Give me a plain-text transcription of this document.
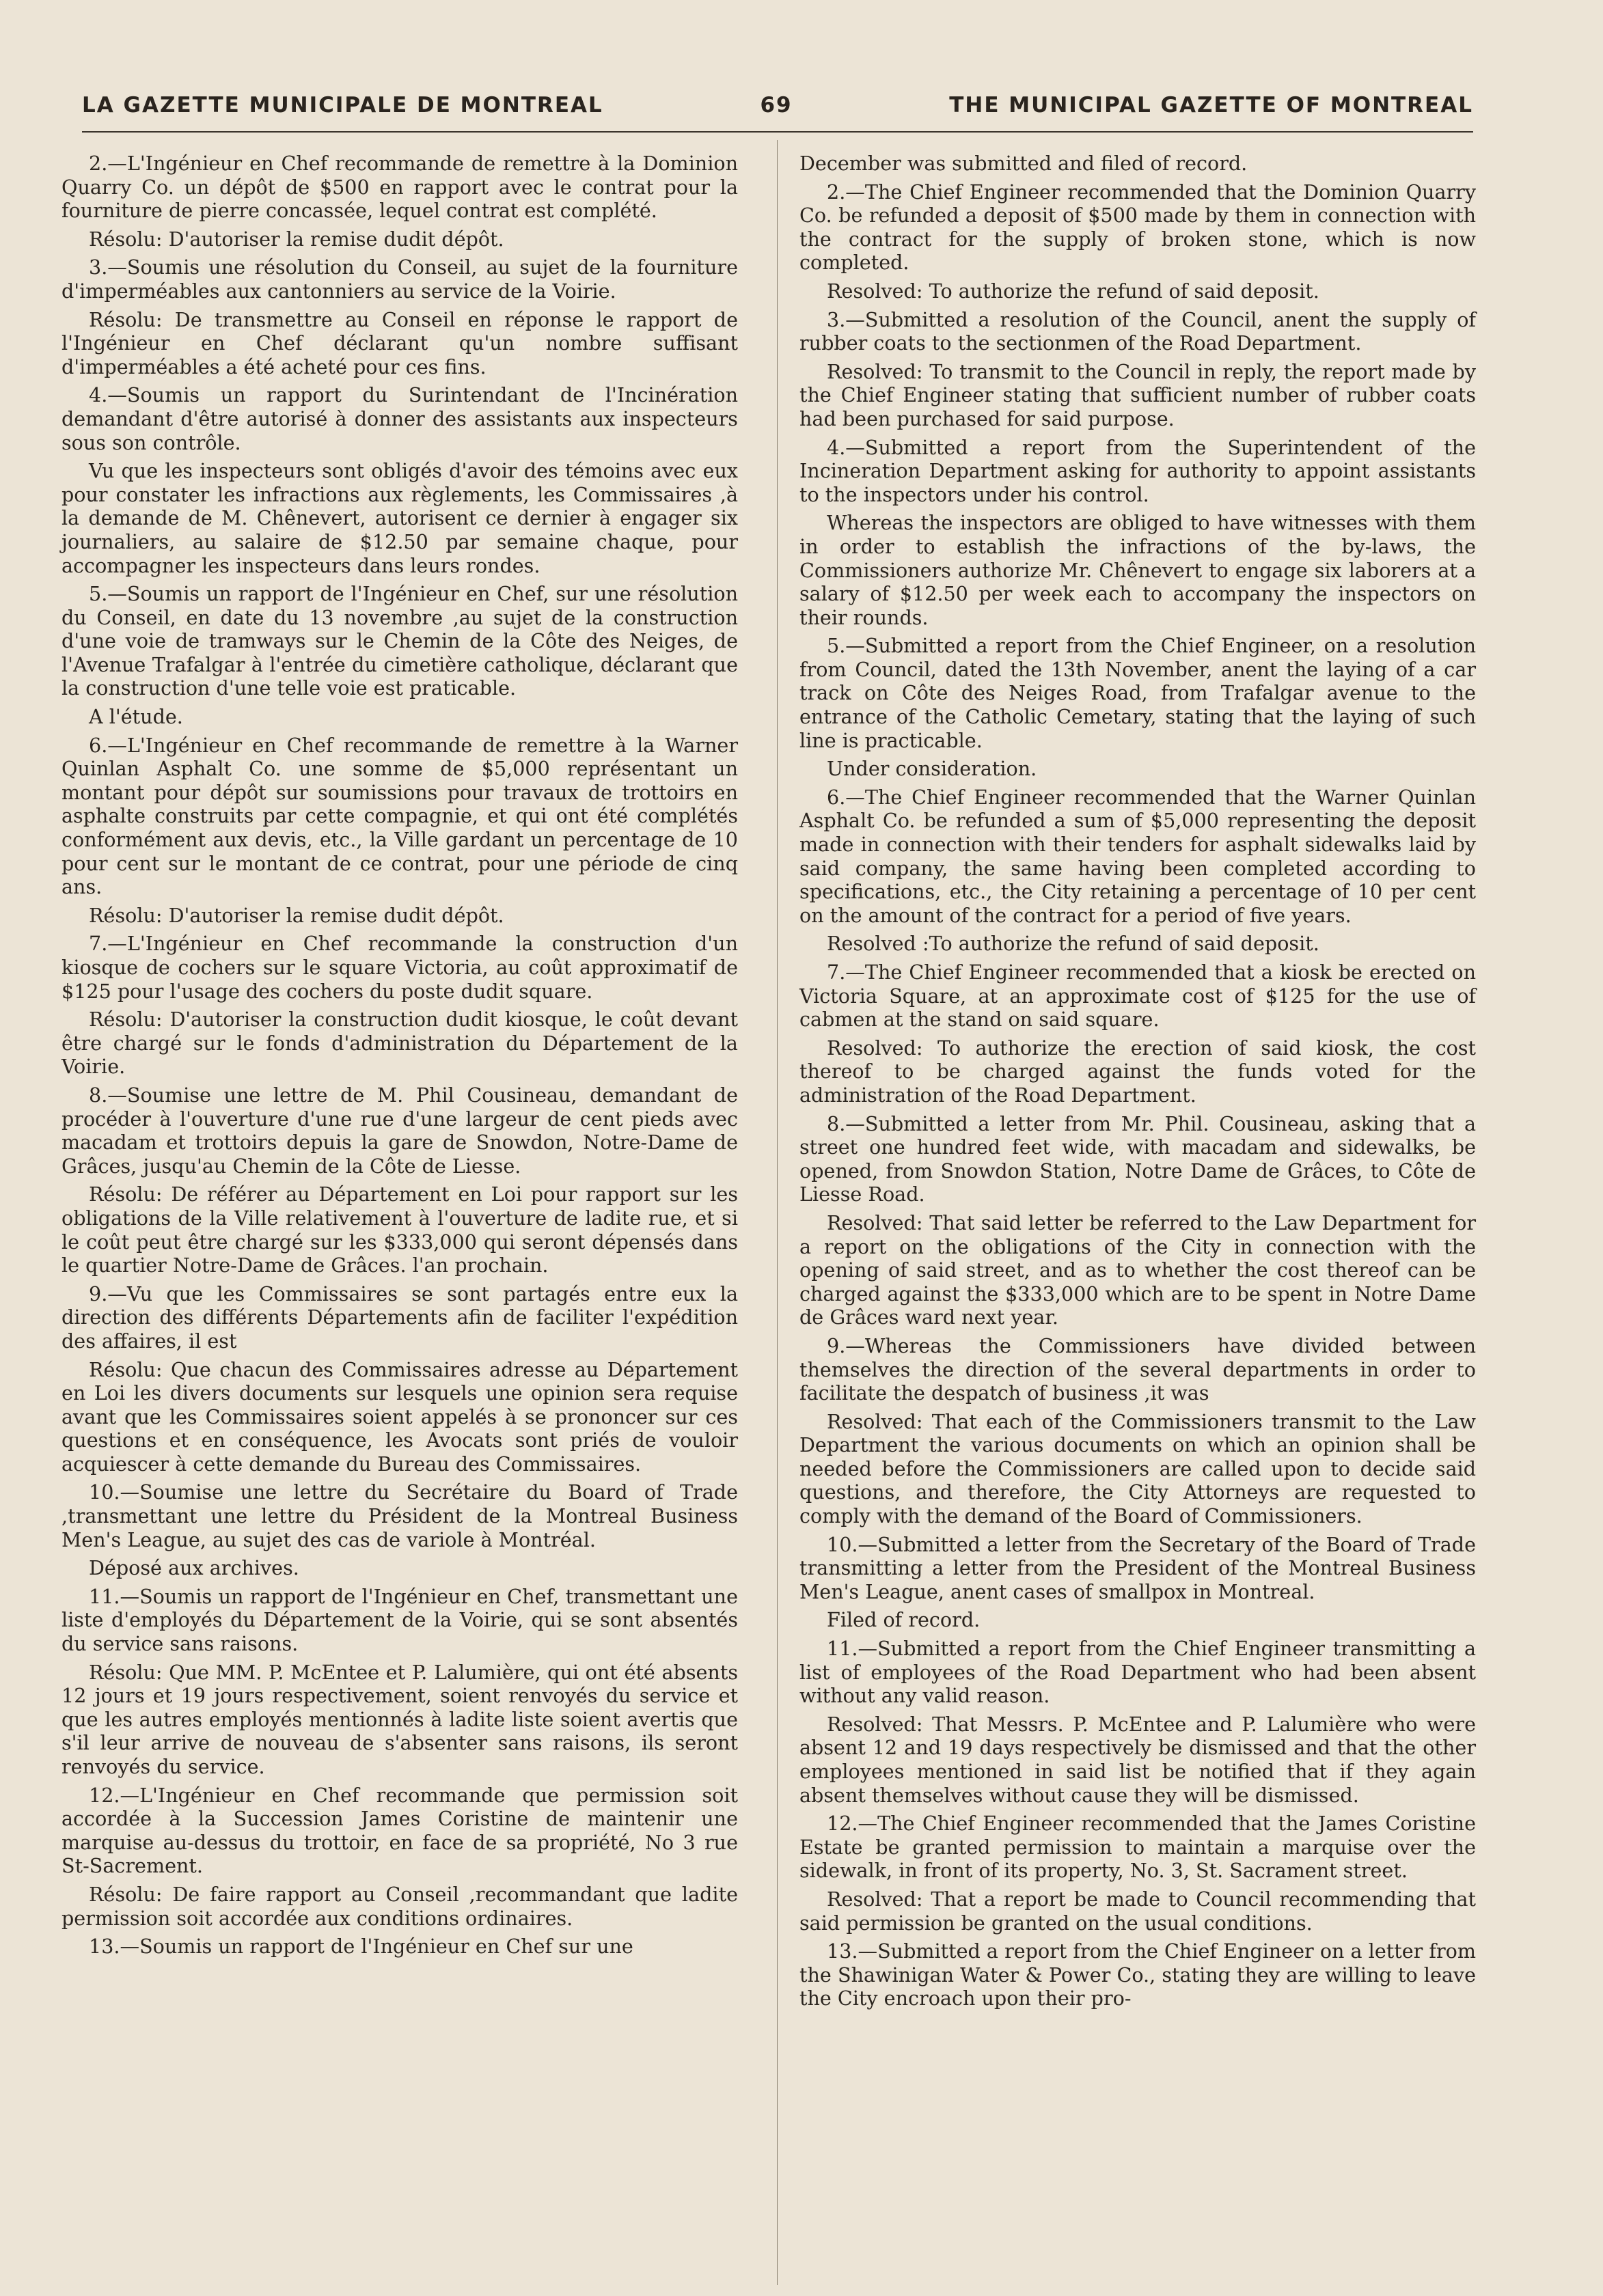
LA GAZETTE MUNICIPALE DE MONTREAL	69	THE MUNICIPAL GAZETTE OF MONTREAL

2.—L'Ingénieur en Chef recommande de remettre à la Dominion Quarry Co. un dépôt de $500 en rapport avec le contrat pour la fourniture de pierre concassée, lequel contrat est complété.

Résolu: D'autoriser la remise dudit dépôt.

3.—Soumis une résolution du Conseil, au sujet de la fourniture d'imperméables aux cantonniers au service de la Voirie.

Résolu: De transmettre au Conseil en réponse le rapport de l'Ingénieur en Chef déclarant qu'un nombre suffisant d'imperméables a été acheté pour ces fins.

4.—Soumis un rapport du Surintendant de l'Incinération demandant d'être autorisé à donner des assistants aux inspecteurs sous son contrôle.

Vu que les inspecteurs sont obligés d'avoir des témoins avec eux pour constater les infractions aux règlements, les Commissaires ,à la demande de M. Chênevert, autorisent ce dernier à engager six journaliers, au salaire de $12.50 par semaine chaque, pour accompagner les inspecteurs dans leurs rondes.

5.—Soumis un rapport de l'Ingénieur en Chef, sur une résolution du Conseil, en date du 13 novembre ,au sujet de la construction d'une voie de tramways sur le Chemin de la Côte des Neiges, de l'Avenue Trafalgar à l'entrée du cimetière catholique, déclarant que la construction d'une telle voie est praticable.

A l'étude.

6.—L'Ingénieur en Chef recommande de remettre à la Warner Quinlan Asphalt Co. une somme de $5,000 représentant un montant pour dépôt sur soumissions pour travaux de trottoirs en asphalte construits par cette compagnie, et qui ont été complétés conformément aux devis, etc., la Ville gardant un percentage de 10 pour cent sur le montant de ce contrat, pour une période de cinq ans.

Résolu: D'autoriser la remise dudit dépôt.

7.—L'Ingénieur en Chef recommande la construction d'un kiosque de cochers sur le square Victoria, au coût approximatif de $125 pour l'usage des cochers du poste dudit square.

Résolu: D'autoriser la construction dudit kiosque, le coût devant être chargé sur le fonds d'administration du Département de la Voirie.

8.—Soumise une lettre de M. Phil Cousineau, demandant de procéder à l'ouverture d'une rue d'une largeur de cent pieds avec macadam et trottoirs depuis la gare de Snowdon, Notre-Dame de Grâces, jusqu'au Chemin de la Côte de Liesse.

Résolu: De référer au Département en Loi pour rapport sur les obligations de la Ville relativement à l'ouverture de ladite rue, et si le coût peut être chargé sur les $333,000 qui seront dépensés dans le quartier Notre-Dame de Grâces. l'an prochain.

9.—Vu que les Commissaires se sont partagés entre eux la direction des différents Départements afin de faciliter l'expédition des affaires, il est

Résolu: Que chacun des Commissaires adresse au Département en Loi les divers documents sur lesquels une opinion sera requise avant que les Commissaires soient appelés à se prononcer sur ces questions et en conséquence, les Avocats sont priés de vouloir acquiescer à cette demande du Bureau des Commissaires.

10.—Soumise une lettre du Secrétaire du Board of Trade ,transmettant une lettre du Président de la Montreal Business Men's League, au sujet des cas de variole à Montréal.

Déposé aux archives.

11.—Soumis un rapport de l'Ingénieur en Chef, transmettant une liste d'employés du Département de la Voirie, qui se sont absentés du service sans raisons.

Résolu: Que MM. P. McEntee et P. Lalumière, qui ont été absents 12 jours et 19 jours respectivement, soient renvoyés du service et que les autres employés mentionnés à ladite liste soient avertis que s'il leur arrive de nouveau de s'absenter sans raisons, ils seront renvoyés du service.

12.—L'Ingénieur en Chef recommande que permission soit accordée à la Succession James Coristine de maintenir une marquise au-dessus du trottoir, en face de sa propriété, No 3 rue St-Sacrement.

Résolu: De faire rapport au Conseil ,recommandant que ladite permission soit accordée aux conditions ordinaires.

13.—Soumis un rapport de l'Ingénieur en Chef sur une

December was submitted and filed of record.

2.—The Chief Engineer recommended that the Dominion Quarry Co. be refunded a deposit of $500 made by them in connection with the contract for the supply of broken stone, which is now completed.

Resolved: To authorize the refund of said deposit.

3.—Submitted a resolution of the Council, anent the supply of rubber coats to the sectionmen of the Road Department.

Resolved: To transmit to the Council in reply, the report made by the Chief Engineer stating that sufficient number of rubber coats had been purchased for said purpose.

4.—Submitted a report from the Superintendent of the Incineration Department asking for authority to appoint assistants to the inspectors under his control.

Whereas the inspectors are obliged to have witnesses with them in order to establish the infractions of the by-laws, the Commissioners authorize Mr. Chênevert to engage six laborers at a salary of $12.50 per week each to accompany the inspectors on their rounds.

5.—Submitted a report from the Chief Engineer, on a resolution from Council, dated the 13th November, anent the laying of a car track on Côte des Neiges Road, from Trafalgar avenue to the entrance of the Catholic Cemetary, stating that the laying of such line is practicable.

Under consideration.

6.—The Chief Engineer recommended that the Warner Quinlan Asphalt Co. be refunded a sum of $5,000 representing the deposit made in connection with their tenders for asphalt sidewalks laid by said company, the same having been completed according to specifications, etc., the City retaining a percentage of 10 per cent on the amount of the contract for a period of five years.

Resolved :To authorize the refund of said deposit.

7.—The Chief Engineer recommended that a kiosk be erected on Victoria Square, at an approximate cost of $125 for the use of cabmen at the stand on said square.

Resolved: To authorize the erection of said kiosk, the cost thereof to be charged against the funds voted for the administration of the Road Department.

8.—Submitted a letter from Mr. Phil. Cousineau, asking that a street one hundred feet wide, with macadam and sidewalks, be opened, from Snowdon Station, Notre Dame de Grâces, to Côte de Liesse Road.

Resolved: That said letter be referred to the Law Department for a report on the obligations of the City in connection with the opening of said street, and as to whether the cost thereof can be charged against the $333,000 which are to be spent in Notre Dame de Grâces ward next year.

9.—Whereas the Commissioners have divided between themselves the direction of the several departments in order to facilitate the despatch of business ,it was

Resolved: That each of the Commissioners transmit to the Law Department the various documents on which an opinion shall be needed before the Commissioners are called upon to decide said questions, and therefore, the City Attorneys are requested to comply with the demand of the Board of Commissioners.

10.—Submitted a letter from the Secretary of the Board of Trade transmitting a letter from the President of the Montreal Business Men's League, anent cases of smallpox in Montreal.

Filed of record.

11.—Submitted a report from the Chief Engineer transmitting a list of employees of the Road Department who had been absent without any valid reason.

Resolved: That Messrs. P. McEntee and P. Lalumière who were absent 12 and 19 days respectively be dismissed and that the other employees mentioned in said list be notified that if they again absent themselves without cause they will be dismissed.

12.—The Chief Engineer recommended that the James Coristine Estate be granted permission to maintain a marquise over the sidewalk, in front of its property, No. 3, St. Sacrament street.

Resolved: That a report be made to Council recommending that said permission be granted on the usual conditions.

13.—Submitted a report from the Chief Engineer on a letter from the Shawinigan Water & Power Co., stating they are willing to leave the City encroach upon their pro-
